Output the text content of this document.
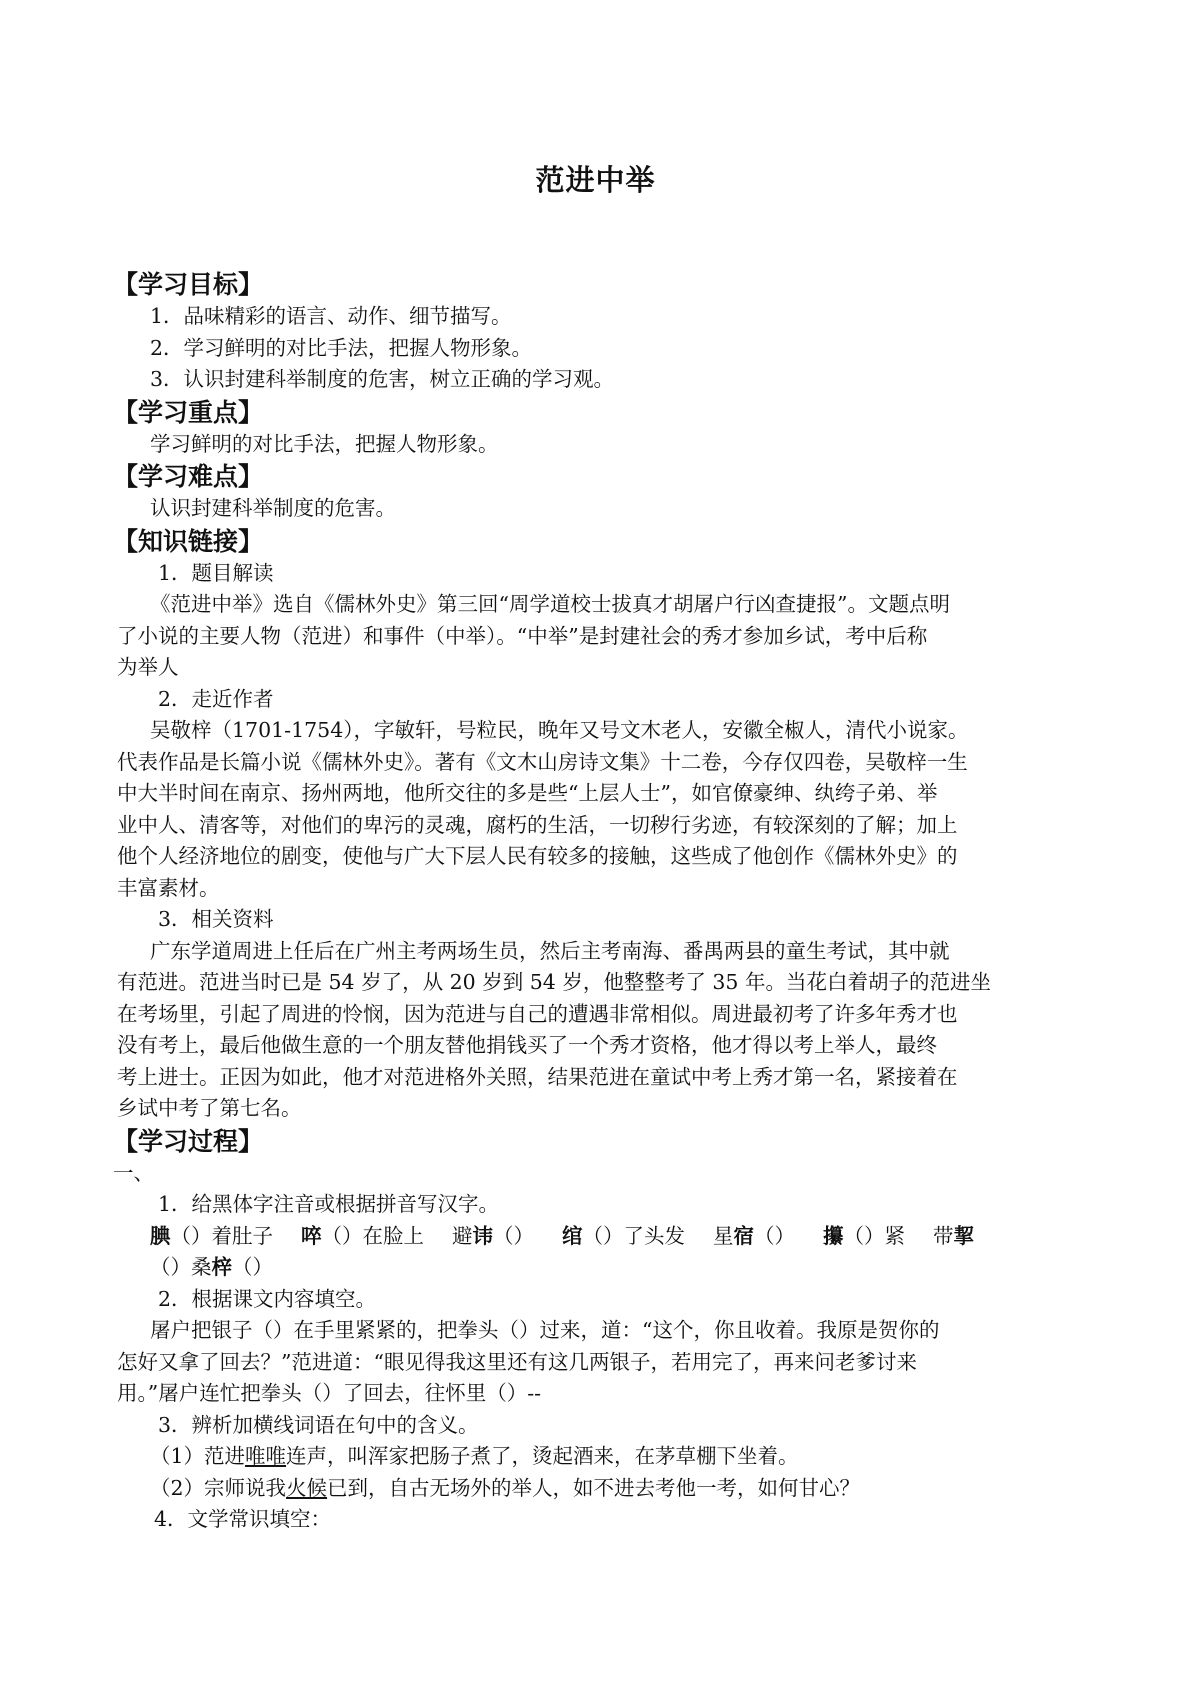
范进中举
【学习目标】
1．品味精彩的语言、动作、细节描写。
2．学习鲜明的对比手法，把握人物形象。
3．认识封建科举制度的危害，树立正确的学习观。
【学习重点】
学习鲜明的对比手法，把握人物形象。
【学习难点】
认识封建科举制度的危害。
【知识链接】
1．题目解读
《范进中举》选自《儒林外史》第三回“周学道校士拔真才胡屠户行凶查捷报”。文题点明
了小说的主要人物（范进）和事件（中举）。“中举”是封建社会的秀才参加乡试，考中后称
为举人
2．走近作者
吴敬梓（1701-1754），字敏轩，号粒民，晚年又号文木老人，安徽全椒人，清代小说家。
代表作品是长篇小说《儒林外史》。著有《文木山房诗文集》十二卷，今存仅四卷，吴敬梓一生
中大半时间在南京、扬州两地，他所交往的多是些“上层人士”，如官僚豪绅、纨绔子弟、举
业中人、清客等，对他们的卑污的灵魂，腐朽的生活，一切秽行劣迹，有较深刻的了解；加上
他个人经济地位的剧变，使他与广大下层人民有较多的接触，这些成了他创作《儒林外史》的
丰富素材。
3．相关资料
广东学道周进上任后在广州主考两场生员，然后主考南海、番禺两县的童生考试，其中就
有范进。范进当时已是 54 岁了，从 20 岁到 54 岁，他整整考了 35 年。当花白着胡子的范进坐
在考场里，引起了周进的怜悯，因为范进与自己的遭遇非常相似。周进最初考了许多年秀才也
没有考上，最后他做生意的一个朋友替他捐钱买了一个秀才资格，他才得以考上举人，最终
考上进士。正因为如此，他才对范进格外关照，结果范进在童试中考上秀才第一名，紧接着在
乡试中考了第七名。
【学习过程】
一、
1．给黑体字注音或根据拼音写汉字。
腆（）着肚子 啐（）在脸上 避讳（） 绾（）了头发 星宿（） 攥（）紧 带挈
（）桑梓（）
2．根据课文内容填空。
屠户把银子（）在手里紧紧的，把拳头（）过来，道：“这个，你且收着。我原是贺你的
怎好又拿了回去？”范进道：“眼见得我这里还有这几两银子，若用完了，再来问老爹讨来
用。”屠户连忙把拳头（）了回去，往怀里（）--
3．辨析加横线词语在句中的含义。
（1）范进唯唯连声，叫浑家把肠子煮了，烫起酒来，在茅草棚下坐着。
（2）宗师说我火候已到，自古无场外的举人，如不进去考他一考，如何甘心？
4．文学常识填空：
